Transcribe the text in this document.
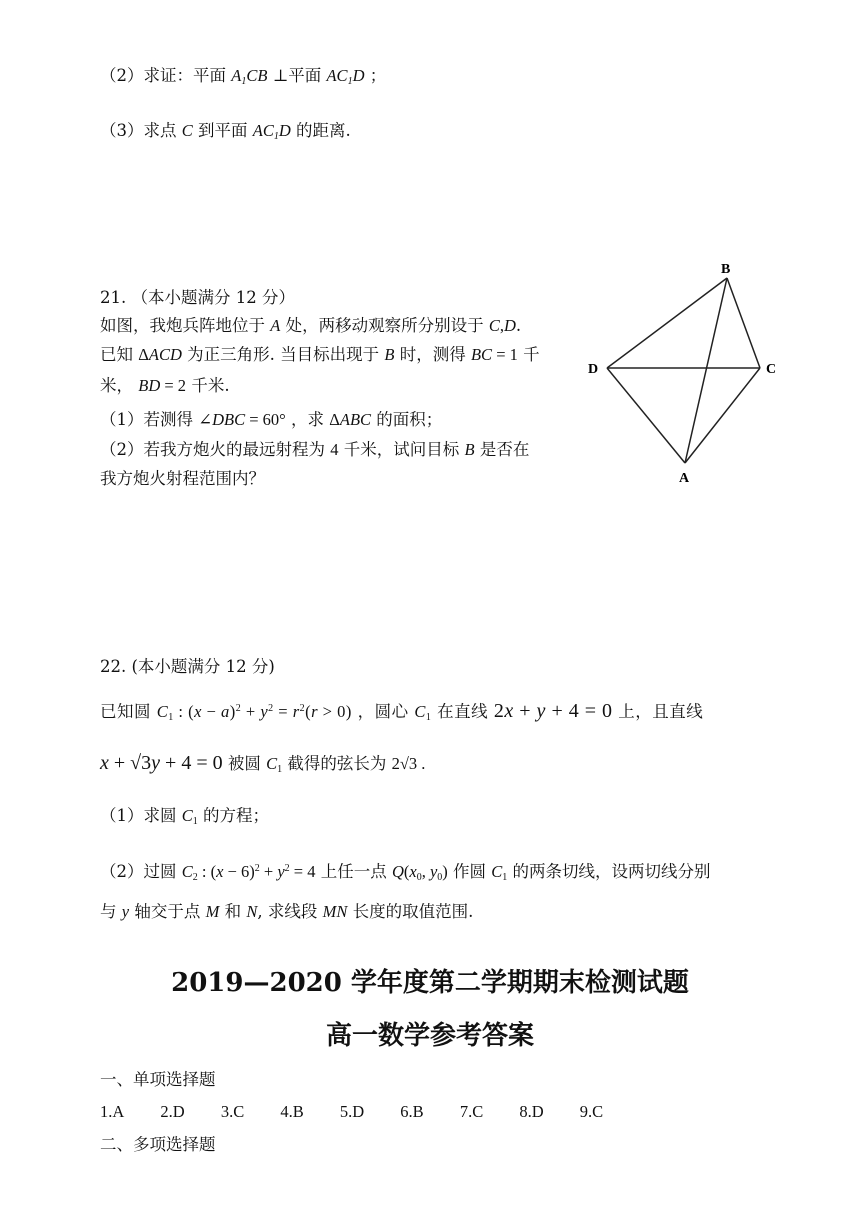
（2）求证：平面 $A_1CB$ ⊥平面 $AC_1D$ ；
（3）求点 C 到平面 $AC_1D$ 的距离.
21. （本小题满分 12 分）
如图，我炮兵阵地位于 A 处，两移动观察所分别设于 C,D.
已知 ΔACD 为正三角形. 当目标出现于 B 时，测得 BC = 1 千
米， BD = 2 千米.
（1）若测得 ∠DBC = 60° ，求 ΔABC 的面积；
（2）若我方炮火的最远射程为 4 千米，试问目标 B 是否在
我方炮火射程范围内？
B
D	C
A
22. (本小题满分 12 分)
已知圆 $C_1$ : $(x - a)^2 + y^2 = r^2(r > 0)$ ，圆心 $C_1$ 在直线 2x + y + 4 = 0 上，且直线
x + √3y + 4 = 0 被圆 $C_1$ 截得的弦长为 2√3 .
（1）求圆 $C_1$ 的方程；
（2）过圆 $C_2$ : $(x - 6)^2 + y^2 = 4$ 上任一点 $Q(x_0$, $y_0$) 作圆 $C_1$ 的两条切线，设两切线分别
与 y 轴交于点 M 和 N, 求线段 MN 长度的取值范围.
2019—2020 学年度第二学期期末检测试题
高一数学参考答案
一、单项选择题
1.A 2.D 3.C 4.B 5.D 6.B 7.C 8.D 9.C
二、多项选择题
